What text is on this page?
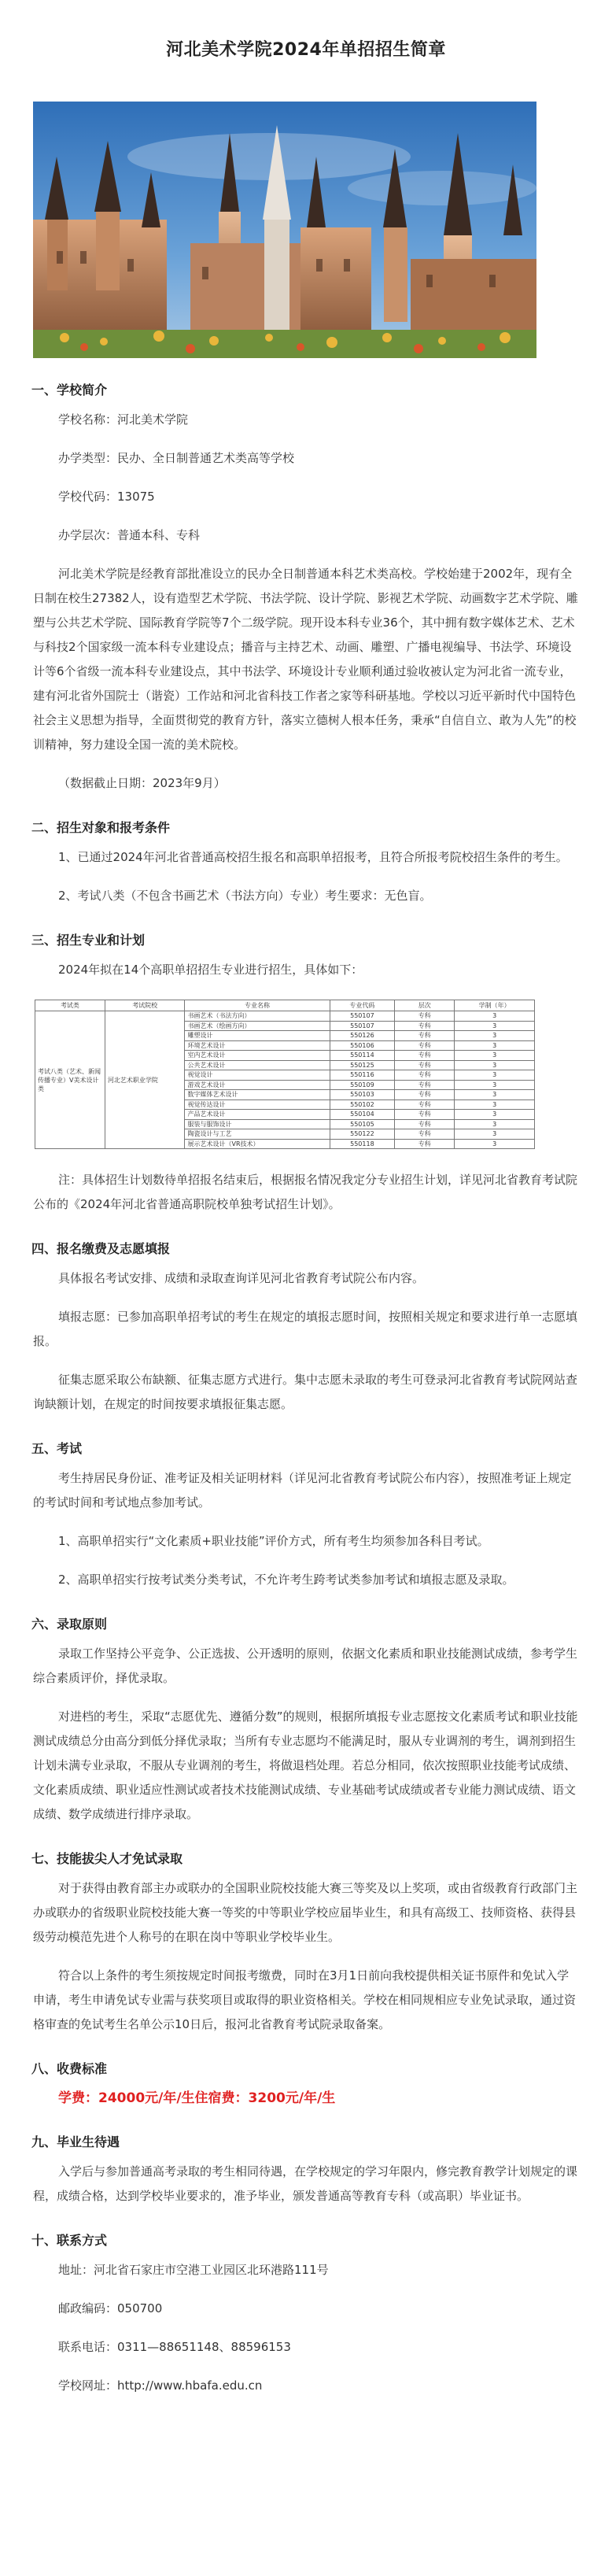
河北美术学院2024年单招招生简章
一、学校简介
学校名称：河北美术学院
办学类型：民办、全日制普通艺术类高等学校
学校代码：13075
办学层次：普通本科、专科

河北美术学院是经教育部批准设立的民办全日制普通本科艺术类高校。学校始建于2002年，现有全日制在校生27382人，设有造型艺术学院、书法学院、设计学院、影视艺术学院、动画数字艺术学院、雕塑与公共艺术学院、国际教育学院等7个二级学院。现开设本科专业36个，其中拥有数字媒体艺术、艺术与科技2个国家级一流本科专业建设点；播音与主持艺术、动画、雕塑、广播电视编导、书法学、环境设计等6个省级一流本科专业建设点，其中书法学、环境设计专业顺利通过验收被认定为河北省一流专业，建有河北省外国院士（谐瓷）工作站和河北省科技工作者之家等科研基地。学校以习近平新时代中国特色社会主义思想为指导，全面贯彻党的教育方针，落实立德树人根本任务，秉承“自信自立、敢为人先”的校训精神，努力建设全国一流的美术院校。

（数据截止日期：2023年9月）

二、招生对象和报考条件

1、已通过2024年河北省普通高校招生报名和高职单招报考，且符合所报考院校招生条件的考生。

2、考试八类（不包含书画艺术（书法方向）专业）考生要求：无色盲。

三、招生专业和计划

2024年拟在14个高职单招招生专业进行招生，具体如下：

考试类	考试院校	专业名称	专业代码	层次	学制（年）
考试八类（艺术、新闻传播专业）V美术设计类	河北艺术职业学院	书画艺术（书法方向）	550107	专科	3
		书画艺术（绘画方向）	550107	专科	3
		雕塑设计	550126	专科	3
		环境艺术设计	550106	专科	3
		室内艺术设计	550114	专科	3
		公共艺术设计	550125	专科	3
		视觉设计	550116	专科	3
		游戏艺术设计	550109	专科	3
		数字媒体艺术设计	550103	专科	3
		视觉传达设计	550102	专科	3
		产品艺术设计	550104	专科	3
		服装与服饰设计	550105	专科	3
		陶瓷设计与工艺	550122	专科	3
		展示艺术设计（VR技术）	550118	专科	3

注：具体招生计划数待单招报名结束后，根据报名情况我定分专业招生计划，详见河北省教育考试院公布的《2024年河北省普通高职院校单独考试招生计划》。

四、报名缴费及志愿填报

具体报名考试安排、成绩和录取查询详见河北省教育考试院公布内容。

填报志愿：已参加高职单招考试的考生在规定的填报志愿时间，按照相关规定和要求进行单一志愿填报。

征集志愿采取公布缺额、征集志愿方式进行。集中志愿未录取的考生可登录河北省教育考试院网站查询缺额计划，在规定的时间按要求填报征集志愿。

五、考试

考生持居民身份证、准考证及相关证明材料（详见河北省教育考试院公布内容），按照准考证上规定的考试时间和考试地点参加考试。

1、高职单招实行“文化素质+职业技能”评价方式，所有考生均须参加各科目考试。

2、高职单招实行按考试类分类考试，不允许考生跨考试类参加考试和填报志愿及录取。

六、录取原则

录取工作坚持公平竞争、公正选拔、公开透明的原则，依据文化素质和职业技能测试成绩，参考学生综合素质评价，择优录取。

对进档的考生，采取“志愿优先、遵循分数”的规则，根据所填报专业志愿按文化素质考试和职业技能测试成绩总分由高分到低分择优录取；当所有专业志愿均不能满足时，服从专业调剂的考生，调剂到招生计划未满专业录取，不服从专业调剂的考生，将做退档处理。若总分相同，依次按照职业技能考试成绩、文化素质成绩、职业适应性测试或者技术技能测试成绩、专业基础考试成绩或者专业能力测试成绩、语文成绩、数学成绩进行排序录取。

七、技能拔尖人才免试录取

对于获得由教育部主办或联办的全国职业院校技能大赛三等奖及以上奖项，或由省级教育行政部门主办或联办的省级职业院校技能大赛一等奖的中等职业学校应届毕业生，和具有高级工、技师资格、获得县级劳动模范先进个人称号的在职在岗中等职业学校毕业生。

符合以上条件的考生须按规定时间报考缴费，同时在3月1日前向我校提供相关证书原件和免试入学申请，考生申请免试专业需与获奖项目或取得的职业资格相关。学校在相同规相应专业免试录取，通过资格审查的免试考生名单公示10日后，报河北省教育考试院录取备案。

八、收费标准
学费：24000元/年/生住宿费：3200元/年/生
九、毕业生待遇

入学后与参加普通高考录取的考生相同待遇，在学校规定的学习年限内，修完教育教学计划规定的课程，成绩合格，达到学校毕业要求的，准予毕业，颁发普通高等教育专科（或高职）毕业证书。

十、联系方式
地址：河北省石家庄市空港工业园区北环港路111号
邮政编码：050700
联系电话：0311—88651148、88596153
学校网址：http://www.hbafa.edu.cn
